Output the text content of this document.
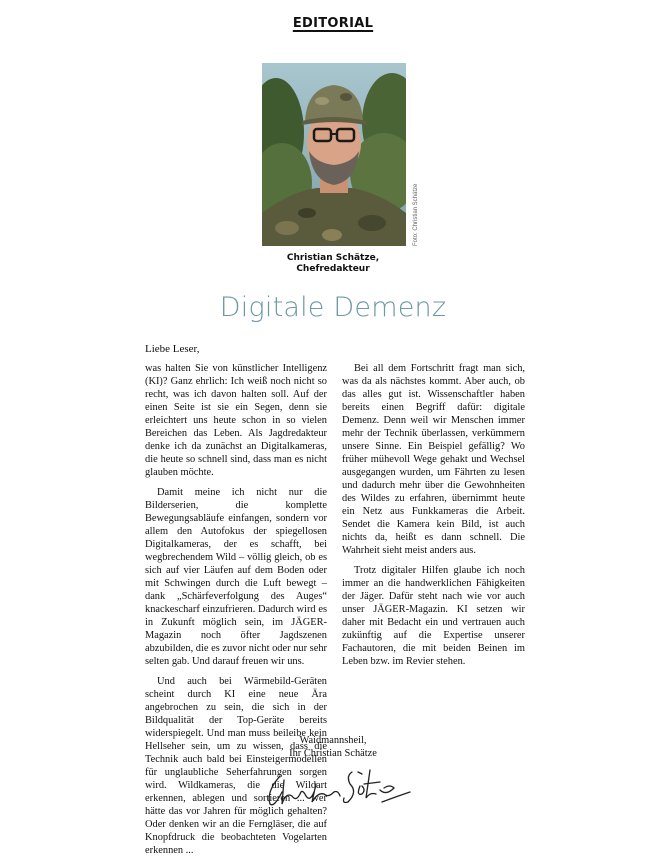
EDITORIAL
Foto: Christian Schätze
Christian Schätze,
Chefredakteur
Digitale Demenz
Liebe Leser,

was halten Sie von künstlicher Intelligenz (KI)? Ganz ehrlich: Ich weiß noch nicht so recht, was ich davon halten soll. Auf der einen Seite ist sie ein Segen, denn sie erleichtert uns heute schon in so vielen Bereichen das Leben. Als Jagdredakteur denke ich da zunächst an Digitalkameras, die heute so schnell sind, dass man es nicht glauben möchte.

Damit meine ich nicht nur die Bilderserien, die komplette Bewegungsabläufe einfangen, sondern vor allem den Autofokus der spiegellosen Digitalkameras, der es schafft, bei wegbrechendem Wild – völlig gleich, ob es sich auf vier Läufen auf dem Boden oder mit Schwingen durch die Luft bewegt – dank „Schärfeverfolgung des Auges“ knackescharf einzufrieren. Dadurch wird es in Zukunft möglich sein, im JÄGER-Magazin noch öfter Jagdszenen abzubilden, die es zuvor nicht oder nur sehr selten gab. Und darauf freuen wir uns.

Und auch bei Wärmebild-Geräten scheint durch KI eine neue Ära angebrochen zu sein, die sich in der Bildqualität der Top-Geräte bereits widerspiegelt. Und man muss beileibe kein Hellseher sein, um zu wissen, dass die Technik auch bald bei Einsteigermodellen für unglaubliche Seherfahrungen sorgen wird. Wildkameras, die die Wildart erkennen, ablegen und sortieren ... wer hätte das vor Jahren für möglich gehalten? Oder denken wir an die Ferngläser, die auf Knopfdruck die beobachteten Vogelarten erkennen ...

Bei all dem Fortschritt fragt man sich, was da als nächstes kommt. Aber auch, ob das alles gut ist. Wissenschaftler haben bereits einen Begriff dafür: digitale Demenz. Denn weil wir Menschen immer mehr der Technik überlassen, verkümmern unsere Sinne. Ein Beispiel gefällig? Wo früher mühevoll Wege gehakt und Wechsel ausgegangen wurden, um Fährten zu lesen und dadurch mehr über die Gewohnheiten des Wildes zu erfahren, übernimmt heute ein Netz aus Funkkameras die Arbeit. Sendet die Kamera kein Bild, ist auch nichts da, heißt es dann schnell. Die Wahrheit sieht meist anders aus.

Trotz digitaler Hilfen glaube ich noch immer an die handwerklichen Fähigkeiten der Jäger. Dafür steht nach wie vor auch unser JÄGER-Magazin. KI setzen wir daher mit Bedacht ein und vertrauen auch zukünftig auf die Expertise unserer Fachautoren, die mit beiden Beinen im Leben bzw. im Revier stehen.

Waidmannsheil,
Ihr Christian Schätze
